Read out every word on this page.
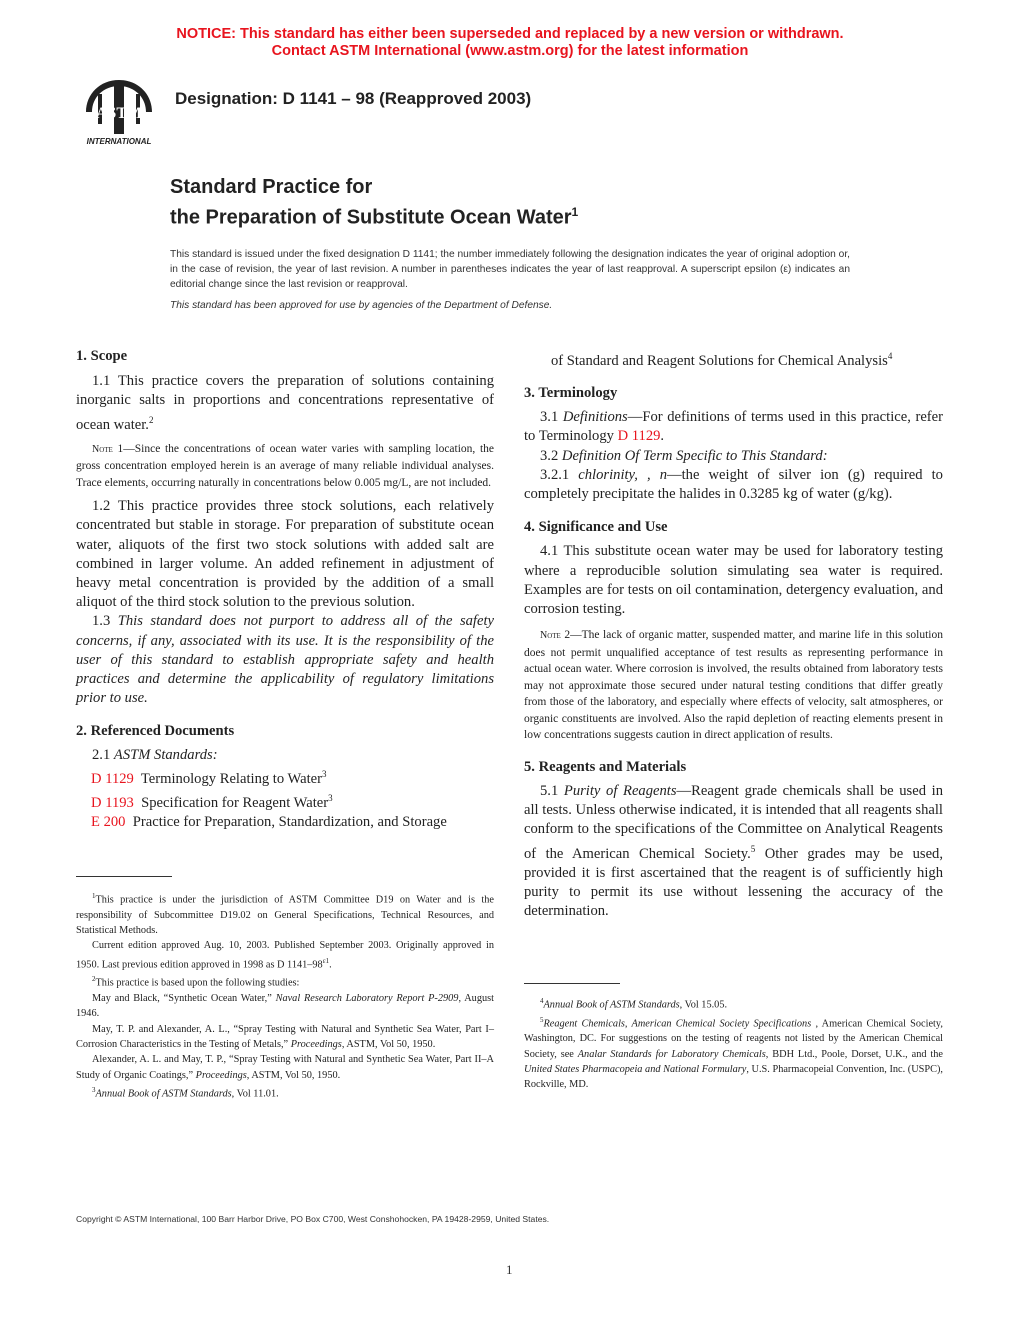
NOTICE: This standard has either been superseded and replaced by a new version or withdrawn.
Contact ASTM International (www.astm.org) for the latest information
ASTM
INTERNATIONAL
Designation: D 1141 – 98 (Reapproved 2003)
Standard Practice for
the Preparation of Substitute Ocean Water$^1$
This standard is issued under the fixed designation D 1141; the number immediately following the designation indicates the year of original adoption or, in the case of revision, the year of last revision. A number in parentheses indicates the year of last reapproval. A superscript epsilon (ε) indicates an editorial change since the last revision or reapproval.
This standard has been approved for use by agencies of the Department of Defense.

1. Scope

1.1 This practice covers the preparation of solutions containing inorganic salts in proportions and concentrations representative of ocean water.$^2$

Note 1—Since the concentrations of ocean water varies with sampling location, the gross concentration employed herein is an average of many reliable individual analyses. Trace elements, occurring naturally in concentrations below 0.005 mg/L, are not included.

1.2 This practice provides three stock solutions, each relatively concentrated but stable in storage. For preparation of substitute ocean water, aliquots of the first two stock solutions with added salt are combined in larger volume. An added refinement in adjustment of heavy metal concentration is provided by the addition of a small aliquot of the third stock solution to the previous solution.

1.3 This standard does not purport to address all of the safety concerns, if any, associated with its use. It is the responsibility of the user of this standard to establish appropriate safety and health practices and determine the applicability of regulatory limitations prior to use.

2. Referenced Documents

2.1 ASTM Standards:

D 1129 Terminology Relating to Water$^3$

D 1193 Specification for Reagent Water$^3$

E 200 Practice for Preparation, Standardization, and Storage

$^1$This practice is under the jurisdiction of ASTM Committee D19 on Water and is the responsibility of Subcommittee D19.02 on General Specifications, Technical Resources, and Statistical Methods.

Current edition approved Aug. 10, 2003. Published September 2003. Originally approved in 1950. Last previous edition approved in 1998 as D $1141-98^{\varepsilon 1}$.

$^2$This practice is based upon the following studies:

May and Black, “Synthetic Ocean Water,” Naval Research Laboratory Report P-2909, August 1946.

May, T. P. and Alexander, A. L., “Spray Testing with Natural and Synthetic Sea Water, Part I–Corrosion Characteristics in the Testing of Metals,” Proceedings, ASTM, Vol 50, 1950.

Alexander, A. L. and May, T. P., “Spray Testing with Natural and Synthetic Sea Water, Part II–A Study of Organic Coatings,” Proceedings, ASTM, Vol 50, 1950.

$^3$Annual Book of ASTM Standards, Vol 11.01.

of Standard and Reagent Solutions for Chemical Analysis$^4$

3. Terminology

3.1 Definitions—For definitions of terms used in this practice, refer to Terminology D 1129.

3.2 Definition Of Term Specific to This Standard:

3.2.1 chlorinity, , n—the weight of silver ion (g) required to completely precipitate the halides in 0.3285 kg of water (g/kg).

4. Significance and Use

4.1 This substitute ocean water may be used for laboratory testing where a reproducible solution simulating sea water is required. Examples are for tests on oil contamination, detergency evaluation, and corrosion testing.

Note 2—The lack of organic matter, suspended matter, and marine life in this solution does not permit unqualified acceptance of test results as representing performance in actual ocean water. Where corrosion is involved, the results obtained from laboratory tests may not approximate those secured under natural testing conditions that differ greatly from those of the laboratory, and especially where effects of velocity, salt atmospheres, or organic constituents are involved. Also the rapid depletion of reacting elements present in low concentrations suggests caution in direct application of results.

5. Reagents and Materials

5.1 Purity of Reagents—Reagent grade chemicals shall be used in all tests. Unless otherwise indicated, it is intended that all reagents shall conform to the specifications of the Committee on Analytical Reagents of the American Chemical Society.$^5$ Other grades may be used, provided it is first ascertained that the reagent is of sufficiently high purity to permit its use without lessening the accuracy of the determination.

$^4$Annual Book of ASTM Standards, Vol 15.05.

$^5$Reagent Chemicals, American Chemical Society Specifications , American Chemical Society, Washington, DC. For suggestions on the testing of reagents not listed by the American Chemical Society, see Analar Standards for Laboratory Chemicals, BDH Ltd., Poole, Dorset, U.K., and the United States Pharmacopeia and National Formulary, U.S. Pharmacopeial Convention, Inc. (USPC), Rockville, MD.

Copyright © ASTM International, 100 Barr Harbor Drive, PO Box C700, West Conshohocken, PA 19428-2959, United States.
1
